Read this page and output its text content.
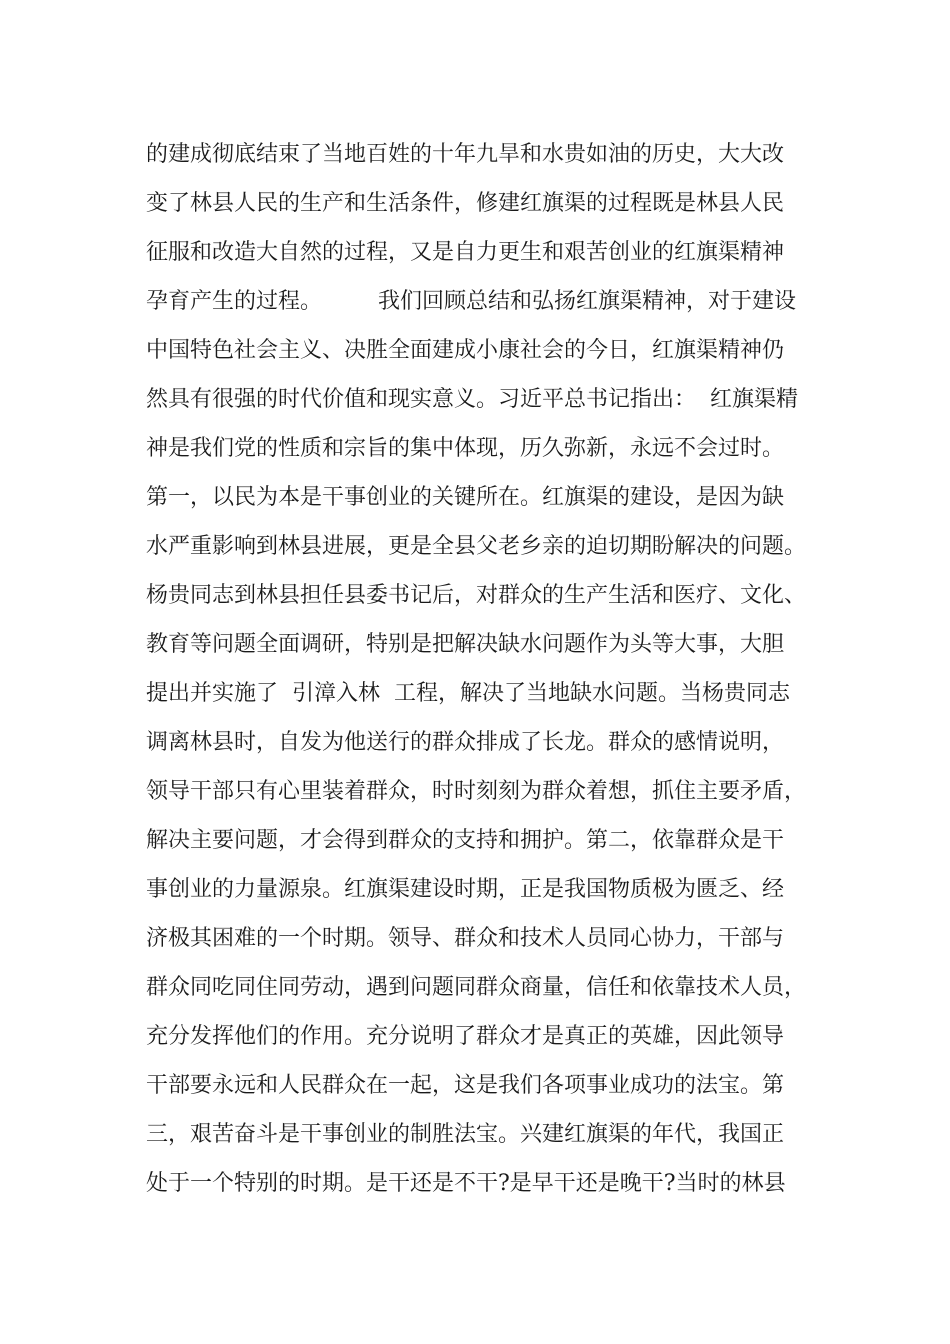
的建成彻底结束了当地百姓的十年九旱和水贵如油的历史，大大改
变了林县人民的生产和生活条件，修建红旗渠的过程既是林县人民
征服和改造大自然的过程，又是自力更生和艰苦创业的红旗渠精神
孕育产生的过程。        我们回顾总结和弘扬红旗渠精神，对于建设
中国特色社会主义、决胜全面建成小康社会的今日，红旗渠精神仍
然具有很强的时代价值和现实意义。习近平总书记指出：  红旗渠精
神是我们党的性质和宗旨的集中体现，历久弥新，永远不会过时。
第一，以民为本是干事创业的关键所在。红旗渠的建设，是因为缺
水严重影响到林县进展，更是全县父老乡亲的迫切期盼解决的问题。
杨贵同志到林县担任县委书记后，对群众的生产生活和医疗、文化、
教育等问题全面调研，特别是把解决缺水问题作为头等大事，大胆
提出并实施了  引漳入林  工程，解决了当地缺水问题。当杨贵同志
调离林县时，自发为他送行的群众排成了长龙。群众的感情说明，
领导干部只有心里装着群众，时时刻刻为群众着想，抓住主要矛盾，
解决主要问题，才会得到群众的支持和拥护。第二，依靠群众是干
事创业的力量源泉。红旗渠建设时期，正是我国物质极为匮乏、经
济极其困难的一个时期。领导、群众和技术人员同心协力，干部与
群众同吃同住同劳动，遇到问题同群众商量，信任和依靠技术人员，
充分发挥他们的作用。充分说明了群众才是真正的英雄，因此领导
干部要永远和人民群众在一起，这是我们各项事业成功的法宝。第
三，艰苦奋斗是干事创业的制胜法宝。兴建红旗渠的年代，我国正
处于一个特别的时期。是干还是不干?是早干还是晚干?当时的林县
